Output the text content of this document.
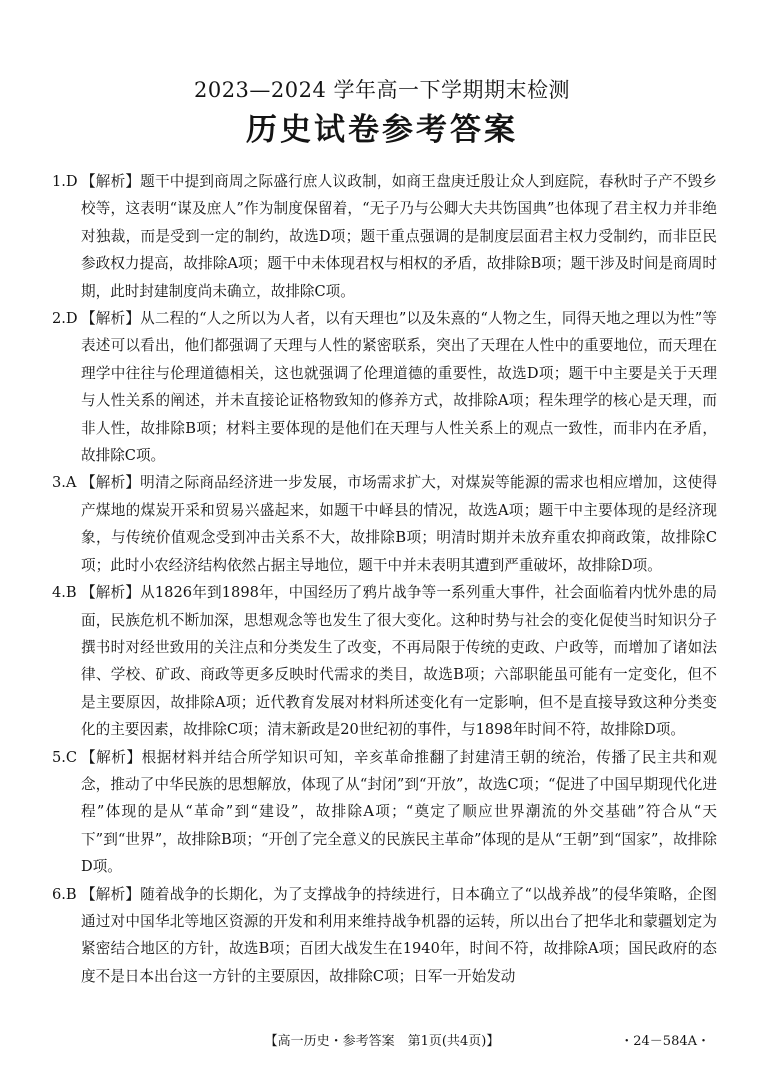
2023—2024 学年高一下学期期末检测
历史试卷参考答案

1.D 【解析】题干中提到商周之际盛行庶人议政制，如商王盘庚迁殷让众人到庭院，春秋时子产不毁乡校等，这表明“谋及庶人”作为制度保留着，“无子乃与公卿大夫共饬国典”也体现了君主权力并非绝对独裁，而是受到一定的制约，故选D项；题干重点强调的是制度层面君主权力受制约，而非臣民参政权力提高，故排除A项；题干中未体现君权与相权的矛盾，故排除B项；题干涉及时间是商周时期，此时封建制度尚未确立，故排除C项。

2.D 【解析】从二程的“人之所以为人者，以有天理也”以及朱熹的“人物之生，同得天地之理以为性”等表述可以看出，他们都强调了天理与人性的紧密联系，突出了天理在人性中的重要地位，而天理在理学中往往与伦理道德相关，这也就强调了伦理道德的重要性，故选D项；题干中主要是关于天理与人性关系的阐述，并未直接论证格物致知的修养方式，故排除A项；程朱理学的核心是天理，而非人性，故排除B项；材料主要体现的是他们在天理与人性关系上的观点一致性，而非内在矛盾，故排除C项。

3.A 【解析】明清之际商品经济进一步发展，市场需求扩大，对煤炭等能源的需求也相应增加，这使得产煤地的煤炭开采和贸易兴盛起来，如题干中峄县的情况，故选A项；题干中主要体现的是经济现象，与传统价值观念受到冲击关系不大，故排除B项；明清时期并未放弃重农抑商政策，故排除C项；此时小农经济结构依然占据主导地位，题干中并未表明其遭到严重破坏，故排除D项。

4.B 【解析】从1826年到1898年，中国经历了鸦片战争等一系列重大事件，社会面临着内忧外患的局面，民族危机不断加深，思想观念等也发生了很大变化。这种时势与社会的变化促使当时知识分子撰书时对经世致用的关注点和分类发生了改变，不再局限于传统的吏政、户政等，而增加了诸如法律、学校、矿政、商政等更多反映时代需求的类目，故选B项；六部职能虽可能有一定变化，但不是主要原因，故排除A项；近代教育发展对材料所述变化有一定影响，但不是直接导致这种分类变化的主要因素，故排除C项；清末新政是20世纪初的事件，与1898年时间不符，故排除D项。

5.C 【解析】根据材料并结合所学知识可知，辛亥革命推翻了封建清王朝的统治，传播了民主共和观念，推动了中华民族的思想解放，体现了从“封闭”到“开放”，故选C项；“促进了中国早期现代化进程”体现的是从“革命”到“建设”，故排除A项；“奠定了顺应世界潮流的外交基础”符合从“天下”到“世界”，故排除B项；“开创了完全意义的民族民主革命”体现的是从“王朝”到“国家”，故排除D项。

6.B 【解析】随着战争的长期化，为了支撑战争的持续进行，日本确立了“以战养战”的侵华策略，企图通过对中国华北等地区资源的开发和利用来维持战争机器的运转，所以出台了把华北和蒙疆划定为紧密结合地区的方针，故选B项；百团大战发生在1940年，时间不符，故排除A项；国民政府的态度不是日本出台这一方针的主要原因，故排除C项；日军一开始发动

【高一历史・参考答案　第1页(共4页)】	・24－584A・
